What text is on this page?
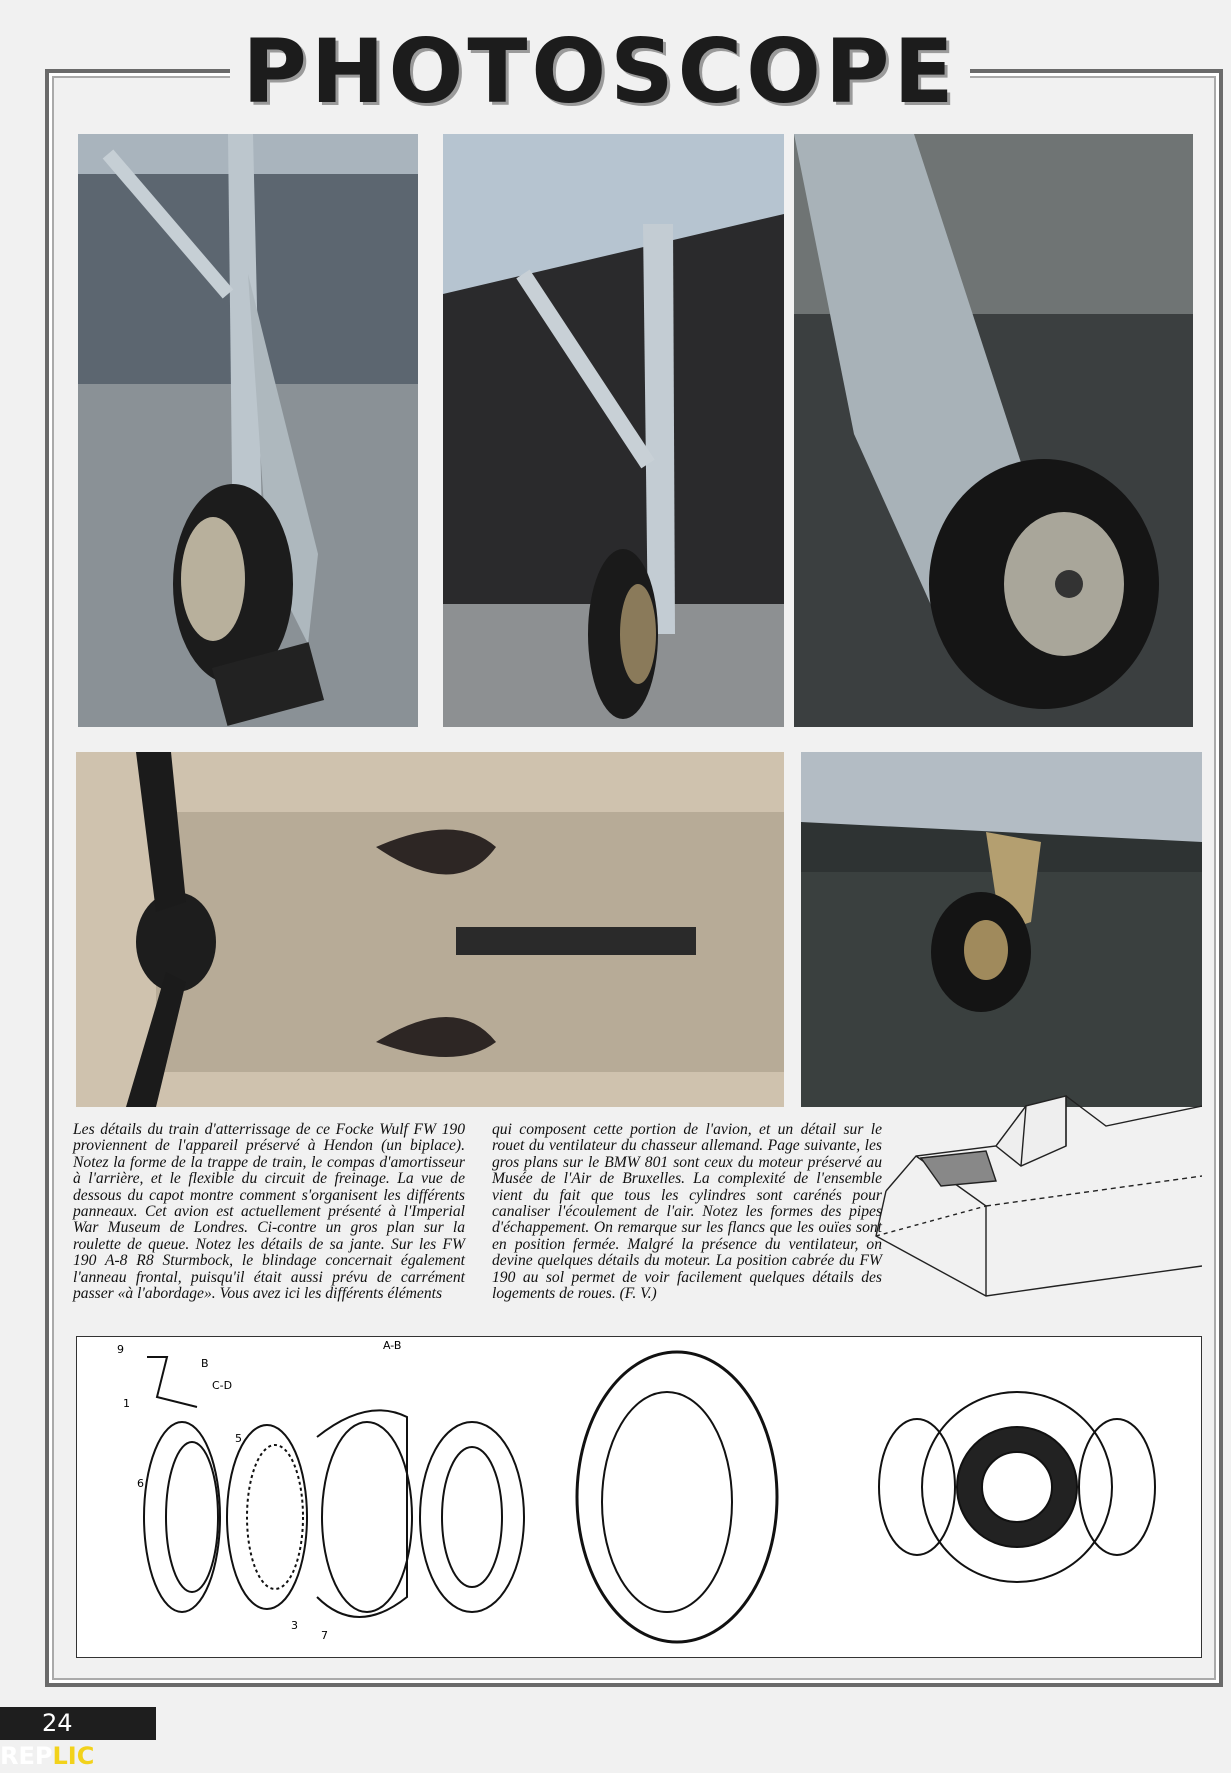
PHOTOSCOPE
Les détails du train d'atterrissage de ce Focke Wulf FW 190 proviennent de l'appareil préservé à Hendon (un biplace). Notez la forme de la trappe de train, le compas d'amortisseur à l'arrière, et le flexible du circuit de freinage. La vue de dessous du capot montre comment s'organisent les différents panneaux. Cet avion est actuellement présenté à l'Imperial War Museum de Londres. Ci-contre un gros plan sur la roulette de queue. Notez les détails de sa jante. Sur les FW 190 A-8 R8 Sturmbock, le blindage concernait également l'anneau frontal, puisqu'il était aussi prévu de carrément passer «à l'abordage». Vous avez ici les différents éléments
qui composent cette portion de l'avion, et un détail sur le rouet du ventilateur du chasseur allemand. Page suivante, les gros plans sur le BMW 801 sont ceux du moteur préservé au Musée de l'Air de Bruxelles. La complexité de l'ensemble vient du fait que tous les cylindres sont carénés pour canaliser l'écoulement de l'air. Notez les formes des pipes d'échappement. On remarque sur les flancs que les ouïes sont en position fermée. Malgré la présence du ventilateur, on devine quelques détails du moteur. La position cabrée du FW 190 au sol permet de voir facilement quelques détails des logements de roues. (F. V.)
9
B
C-D
1
A-B
5
6
3
7
24 REPLIC
